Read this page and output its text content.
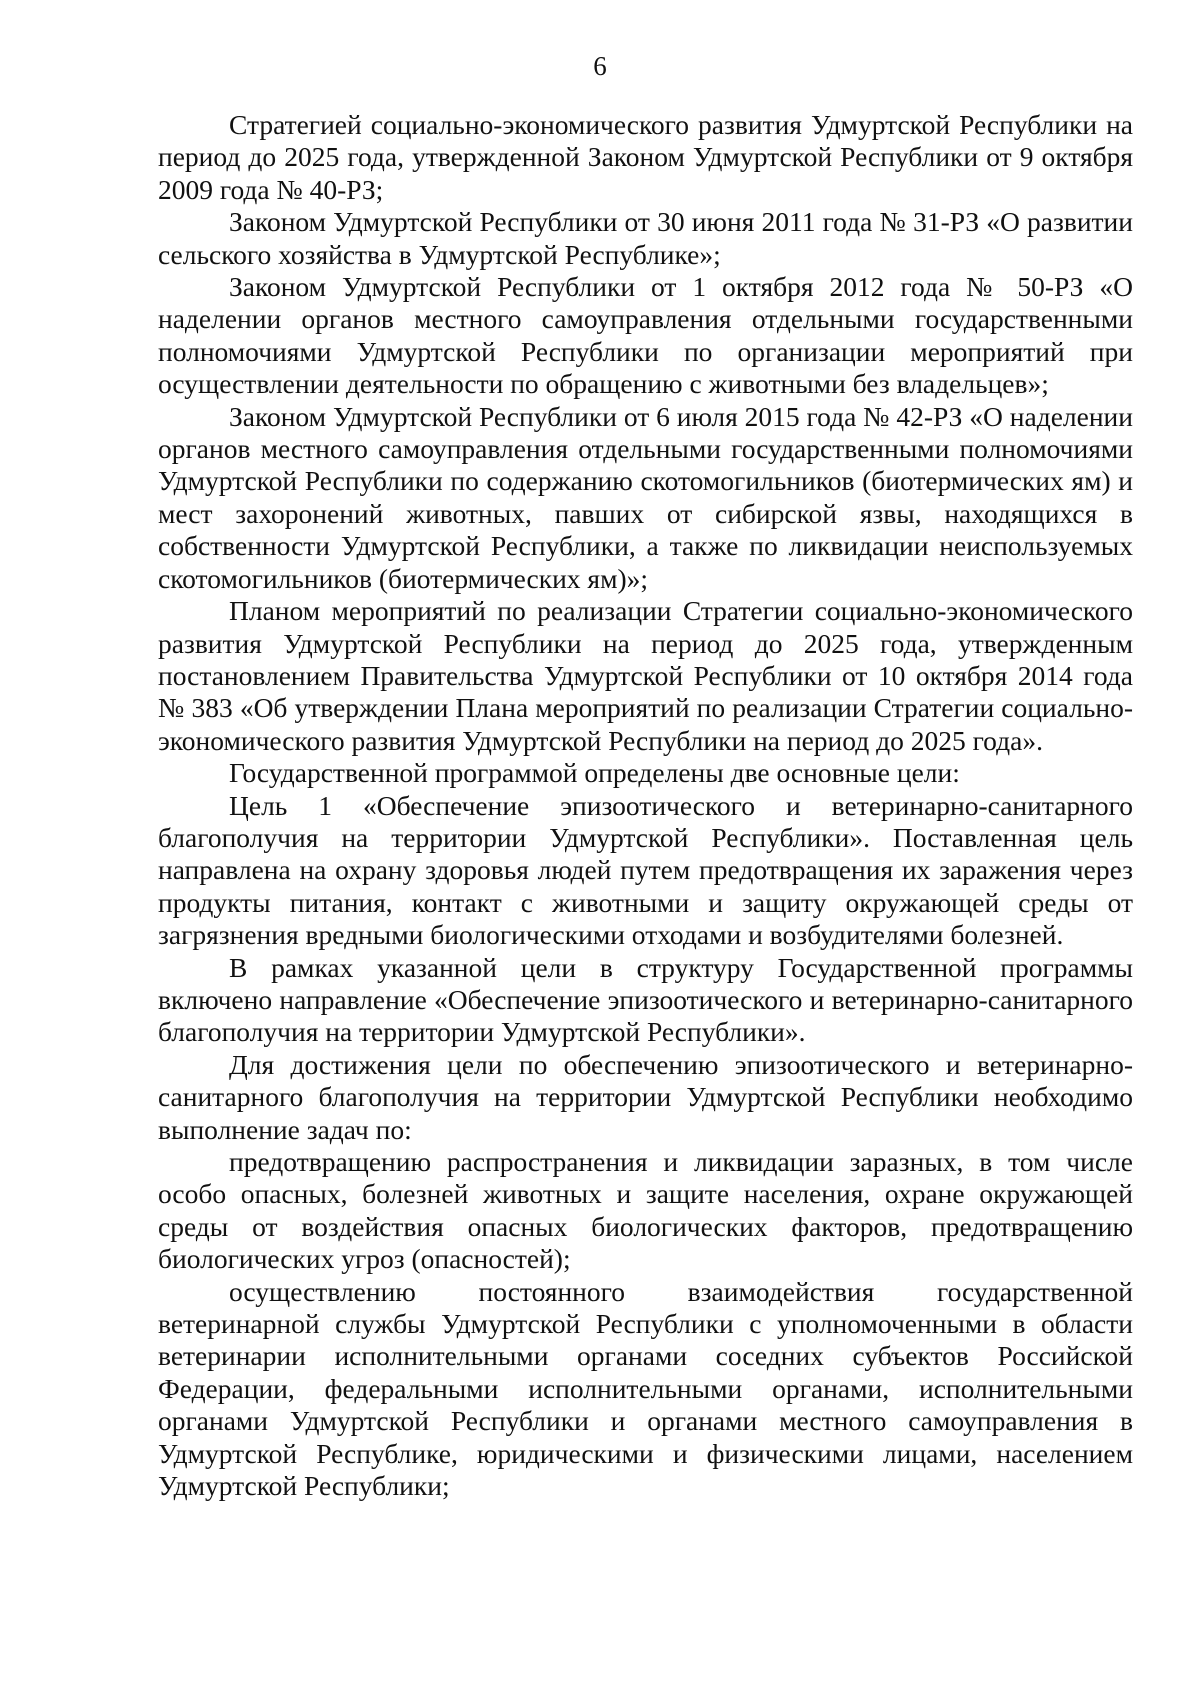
6

Стратегией социально-экономического развития Удмуртской Республики на период до 2025 года, утвержденной Законом Удмуртской Республики от 9 октября 2009 года № 40-РЗ;

Законом Удмуртской Республики от 30 июня 2011 года № 31-РЗ «О развитии сельского хозяйства в Удмуртской Республике»;

Законом Удмуртской Республики от 1 октября 2012 года № 50-РЗ «О наделении органов местного самоуправления отдельными государственными полномочиями Удмуртской Республики по организации мероприятий при осуществлении деятельности по обращению с животными без владельцев»;

Законом Удмуртской Республики от 6 июля 2015 года № 42-РЗ «О наделении органов местного самоуправления отдельными государственными полномочиями Удмуртской Республики по содержанию скотомогильников (биотермических ям) и мест захоронений животных, павших от сибирской язвы, находящихся в собственности Удмуртской Республики, а также по ликвидации неиспользуемых скотомогильников (биотермических ям)»;

Планом мероприятий по реализации Стратегии социально-экономического развития Удмуртской Республики на период до 2025 года, утвержденным постановлением Правительства Удмуртской Республики от 10 октября 2014 года № 383 «Об утверждении Плана мероприятий по реализации Стратегии социально-экономического развития Удмуртской Республики на период до 2025 года».

Государственной программой определены две основные цели:

Цель 1 «Обеспечение эпизоотического и ветеринарно-санитарного благополучия на территории Удмуртской Республики». Поставленная цель направлена на охрану здоровья людей путем предотвращения их заражения через продукты питания, контакт с животными и защиту окружающей среды от загрязнения вредными биологическими отходами и возбудителями болезней.

В рамках указанной цели в структуру Государственной программы включено направление «Обеспечение эпизоотического и ветеринарно-санитарного благополучия на территории Удмуртской Республики».

Для достижения цели по обеспечению эпизоотического и ветеринарно-санитарного благополучия на территории Удмуртской Республики необходимо выполнение задач по:

предотвращению распространения и ликвидации заразных, в том числе особо опасных, болезней животных и защите населения, охране окружающей среды от воздействия опасных биологических факторов, предотвращению биологических угроз (опасностей);

осуществлению постоянного взаимодействия государственной ветеринарной службы Удмуртской Республики с уполномоченными в области ветеринарии исполнительными органами соседних субъектов Российской Федерации, федеральными исполнительными органами, исполнительными органами Удмуртской Республики и органами местного самоуправления в Удмуртской Республике, юридическими и физическими лицами, населением Удмуртской Республики;
